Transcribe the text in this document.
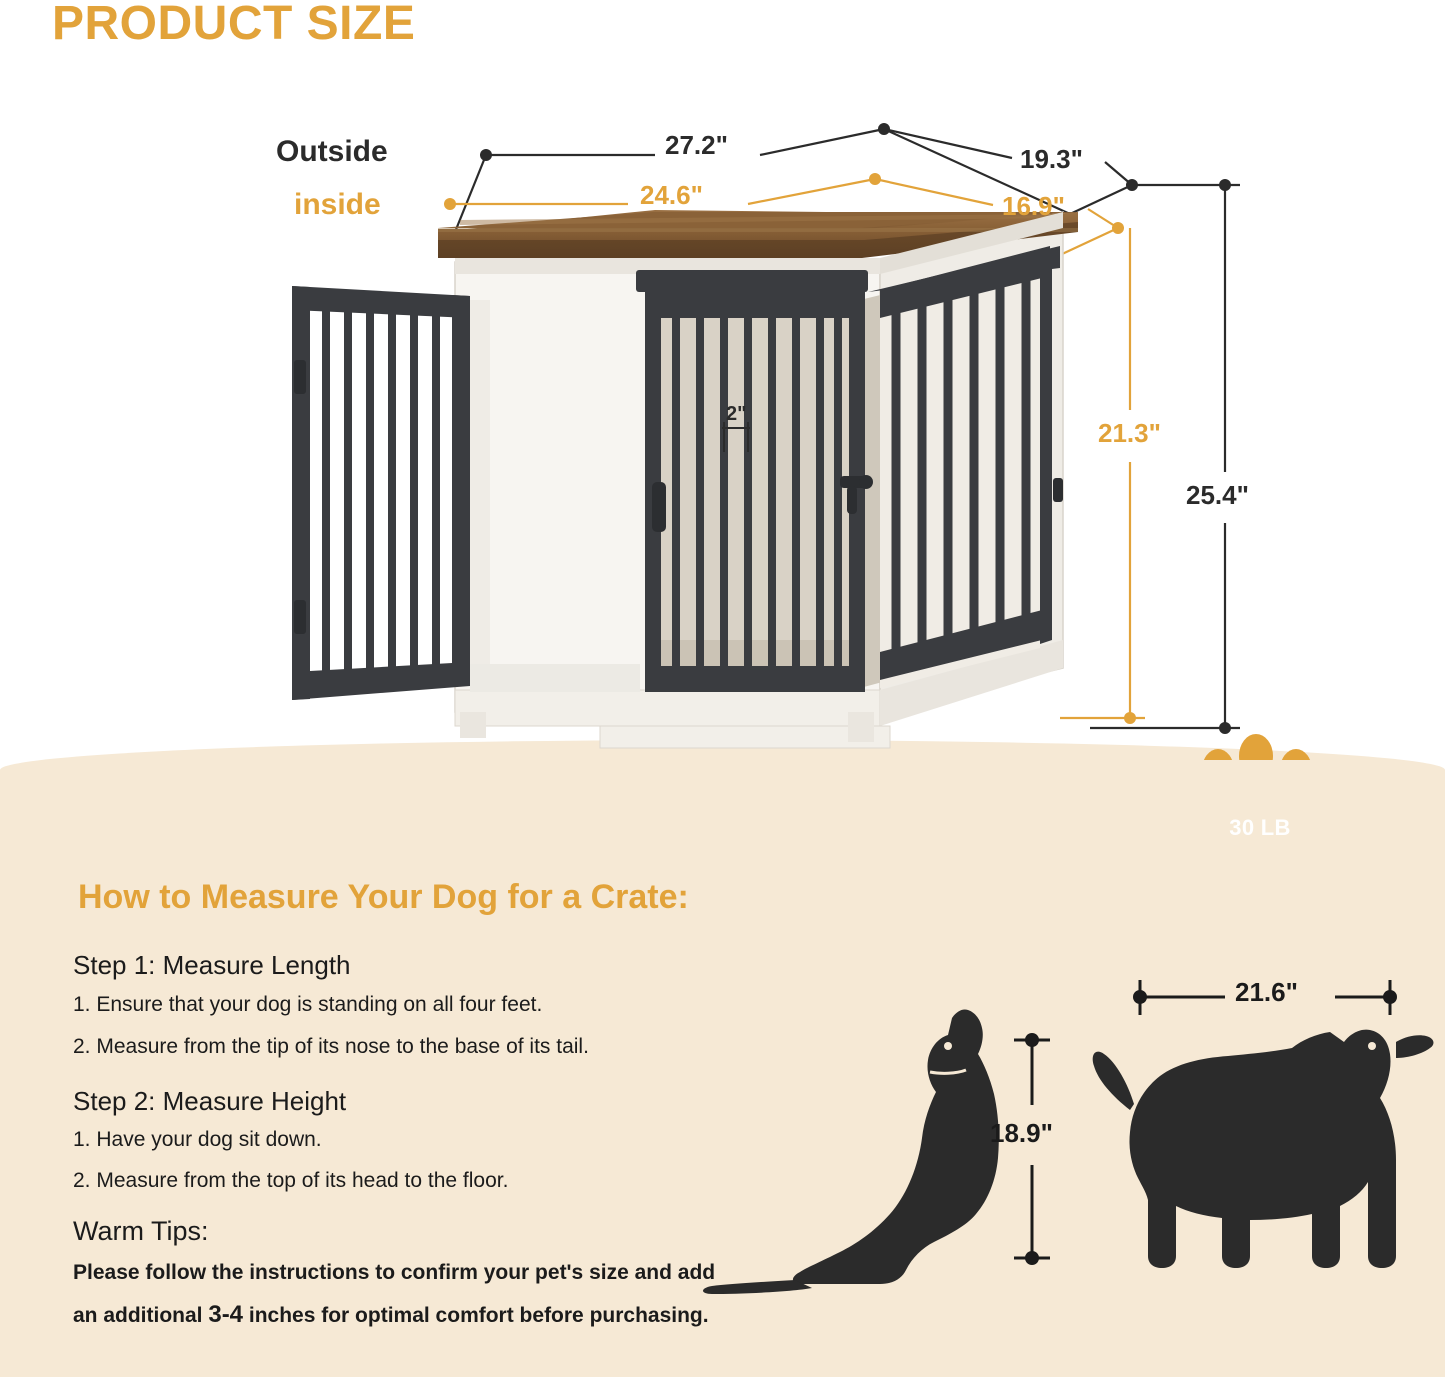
PRODUCT SIZE
Outside
inside
27.2"	19.3"
24.6"	16.9"
21.3"
25.4"
2"
30 LB
How to Measure Your Dog for a Crate:
Step 1: Measure Length
1. Ensure that your dog is standing on all four feet.
2. Measure from the tip of its nose to the base of its tail.
Step 2: Measure Height
1. Have your dog sit down.
2. Measure from the top of its head to the floor.
Warm Tips:
Please follow the instructions to confirm your pet's size and add
an additional 3-4 inches for optimal comfort before purchasing.
21.6"
18.9"
